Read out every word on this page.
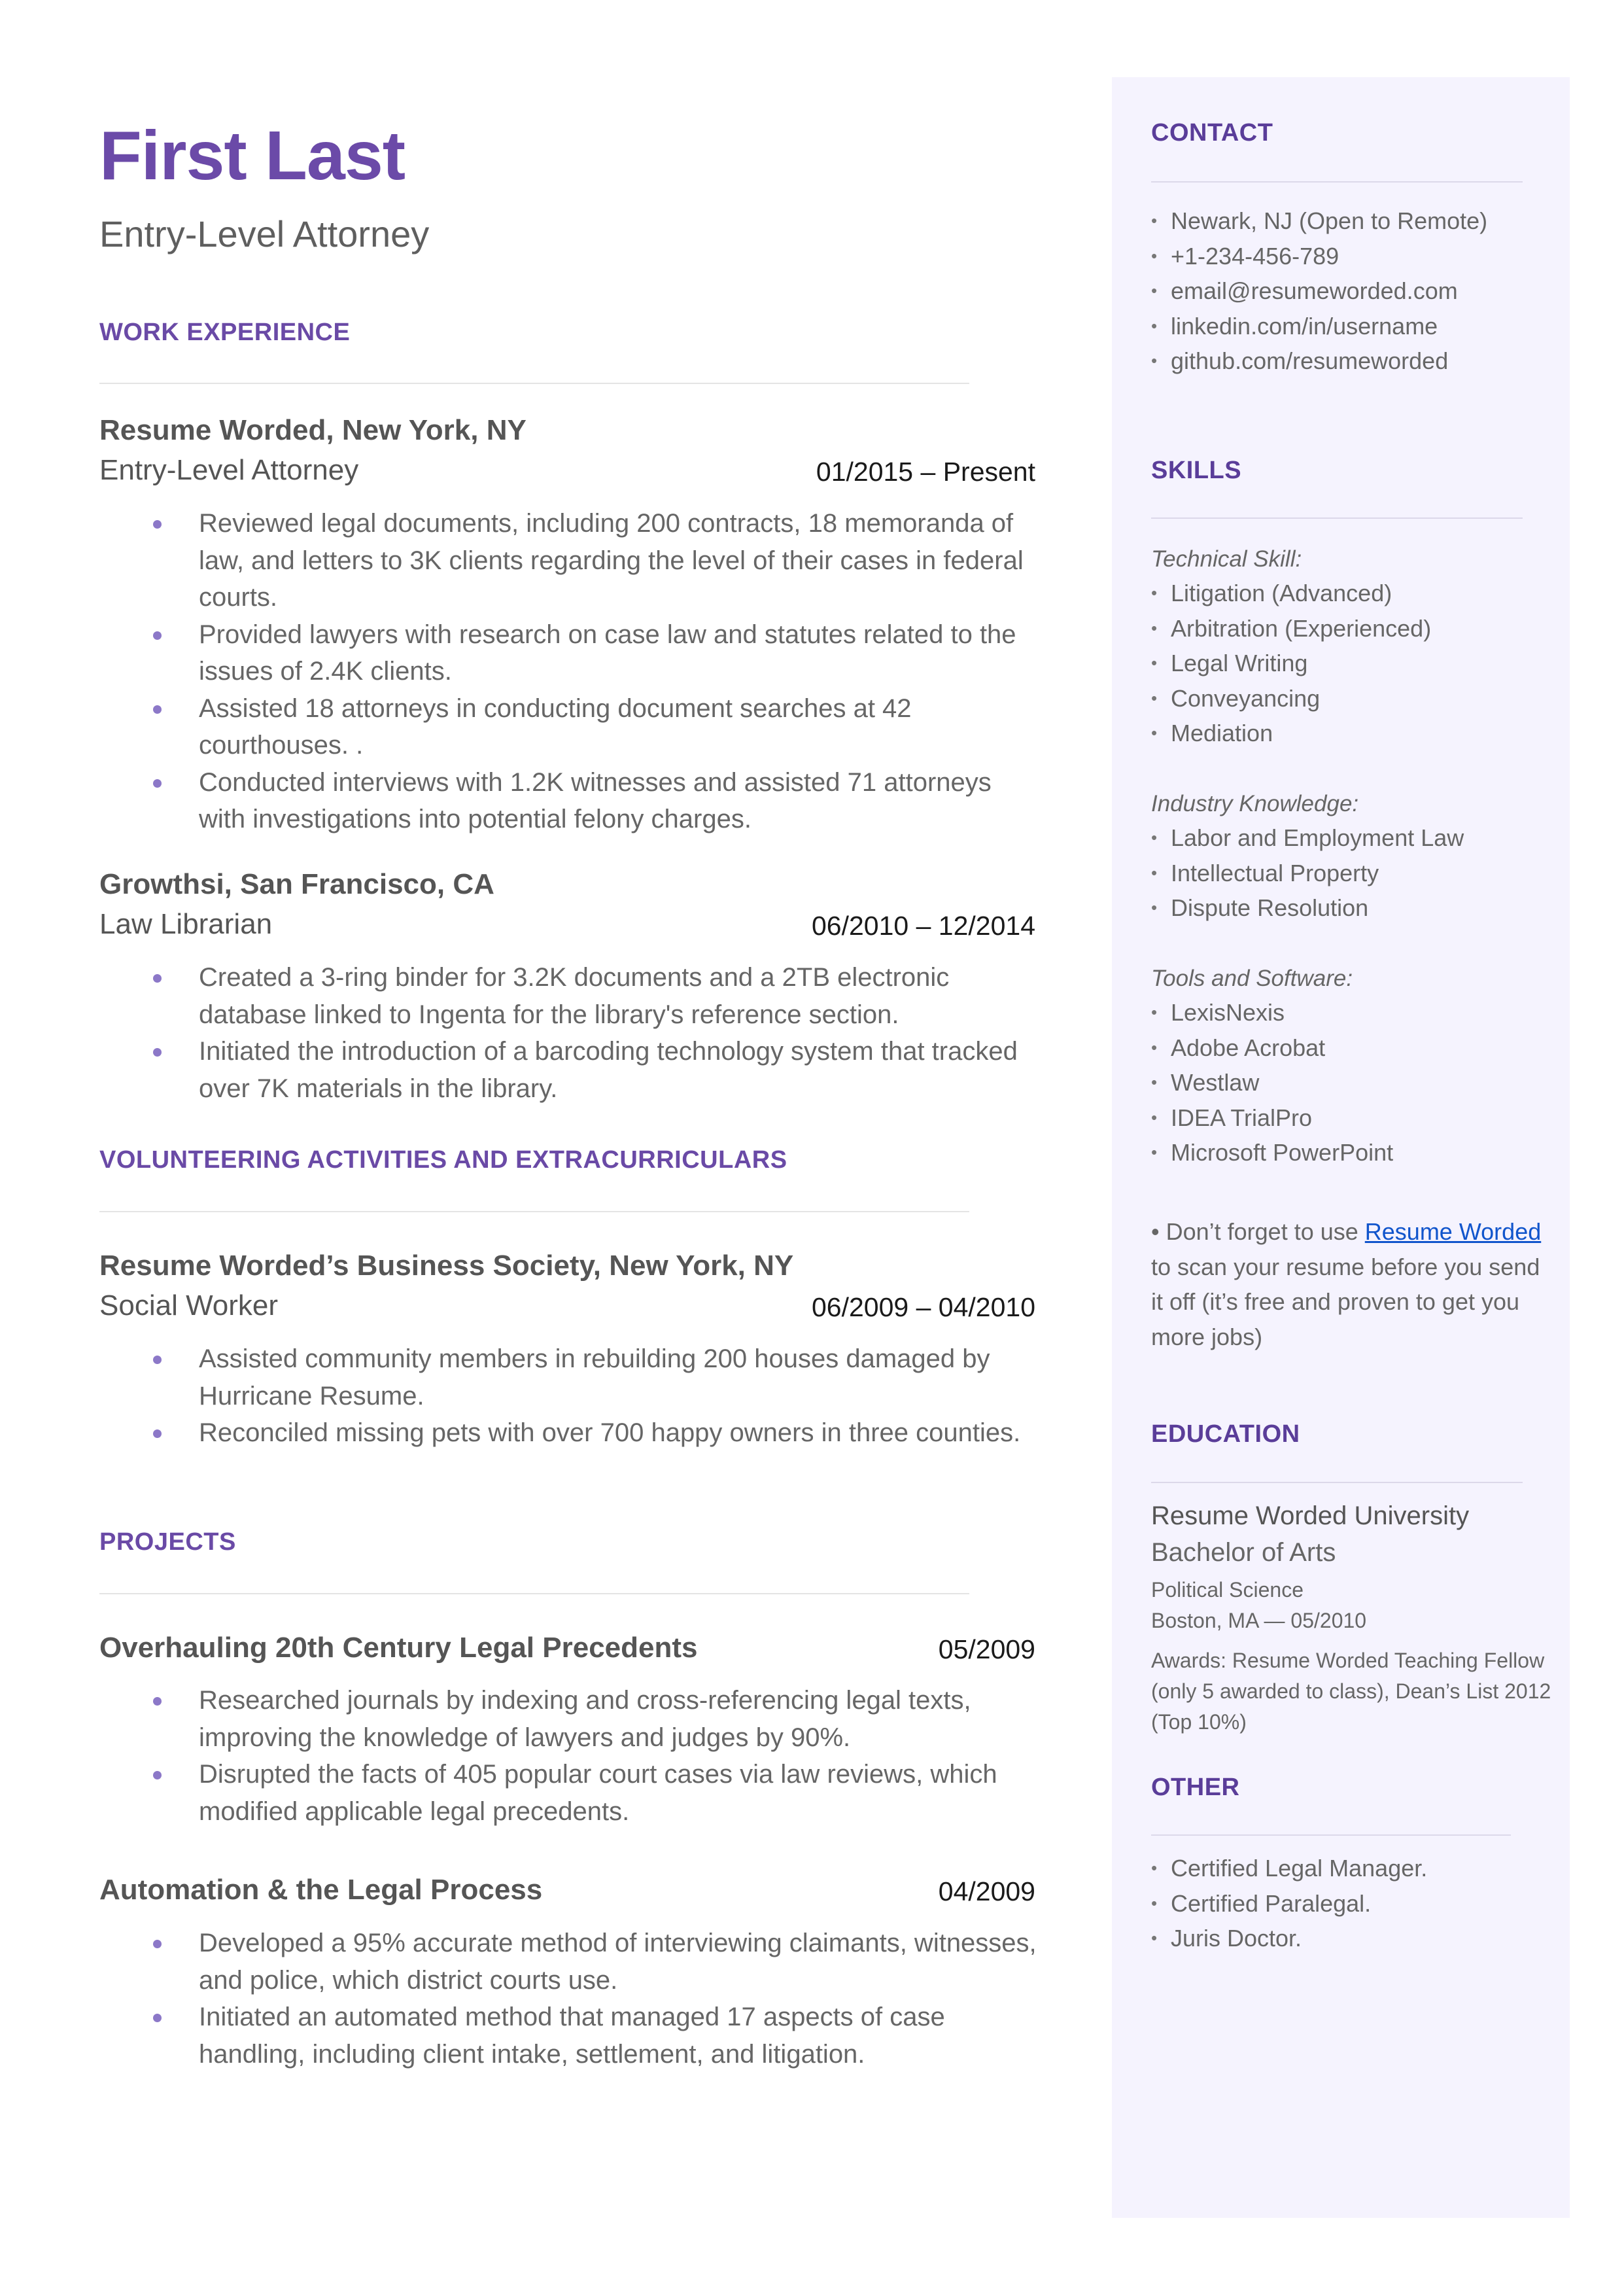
First Last
Entry-Level Attorney
WORK EXPERIENCE
Resume Worded, New York, NY
Entry-Level Attorney	01/2015 – Present
Reviewed legal documents, including 200 contracts, 18 memoranda of law, and letters to 3K clients regarding the level of their cases in federal courts.
Provided lawyers with research on case law and statutes related to the issues of 2.4K clients.
Assisted 18 attorneys in conducting document searches at 42 courthouses. .
Conducted interviews with 1.2K witnesses and assisted 71 attorneys with investigations into potential felony charges.
Growthsi, San Francisco, CA
Law Librarian	06/2010 – 12/2014
Created a 3-ring binder for 3.2K documents and a 2TB electronic database linked to Ingenta for the library's reference section.
Initiated the introduction of a barcoding technology system that tracked over 7K materials in the library.
VOLUNTEERING ACTIVITIES AND EXTRACURRICULARS
Resume Worded’s Business Society, New York, NY
Social Worker	06/2009 – 04/2010
Assisted community members in rebuilding 200 houses damaged by Hurricane Resume.
Reconciled missing pets with over 700 happy owners in three counties.
PROJECTS
Overhauling 20th Century Legal Precedents	05/2009
Researched journals by indexing and cross-referencing legal texts, improving the knowledge of lawyers and judges by 90%.
Disrupted the facts of 405 popular court cases via law reviews, which modified applicable legal precedents.
Automation & the Legal Process	04/2009
Developed a 95% accurate method of interviewing claimants, witnesses, and police, which district courts use.
Initiated an automated method that managed 17 aspects of case handling, including client intake, settlement, and litigation.
CONTACT
• Newark, NJ (Open to Remote)
• +1-234-456-789
• email@resumeworded.com
• linkedin.com/in/username
• github.com/resumeworded
SKILLS
Technical Skill:
• Litigation (Advanced)
• Arbitration (Experienced)
• Legal Writing
• Conveyancing
• Mediation
Industry Knowledge:
• Labor and Employment Law
• Intellectual Property
• Dispute Resolution
Tools and Software:
• LexisNexis
• Adobe Acrobat
• Westlaw
• IDEA TrialPro
• Microsoft PowerPoint
• Don’t forget to use Resume Worded to scan your resume before you send it off (it’s free and proven to get you more jobs)
EDUCATION
Resume Worded University
Bachelor of Arts
Political Science
Boston, MA — 05/2010
Awards: Resume Worded Teaching Fellow (only 5 awarded to class), Dean’s List 2012 (Top 10%)
OTHER
• Certified Legal Manager.
• Certified Paralegal.
• Juris Doctor.
